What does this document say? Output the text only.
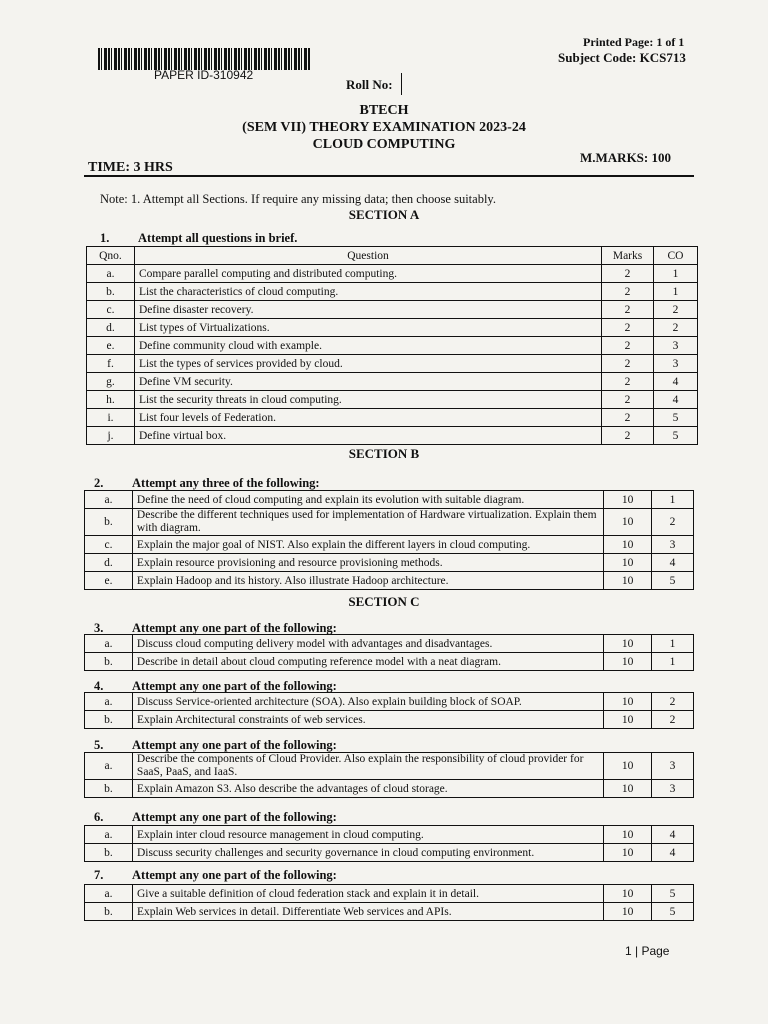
PAPER ID-310942
Printed Page: 1 of 1
Subject Code: KCS713
Roll No:
BTECH
(SEM VII) THEORY EXAMINATION 2023-24
CLOUD COMPUTING
TIME: 3 HRS
M.MARKS: 100
Note: 1. Attempt all Sections. If require any missing data; then choose suitably.
SECTION A
1. Attempt all questions in brief.
Qno.	Question	Marks	CO
a.	Compare parallel computing and distributed computing.	2	1
b.	List the characteristics of cloud computing.	2	1
c.	Define disaster recovery.	2	2
d.	List types of Virtualizations.	2	2
e.	Define community cloud with example.	2	3
f.	List the types of services provided by cloud.	2	3
g.	Define VM security.	2	4
h.	List the security threats in cloud computing.	2	4
i.	List four levels of Federation.	2	5
j.	Define virtual box.	2	5
SECTION B
2. Attempt any three of the following:
a.	Define the need of cloud computing and explain its evolution with suitable diagram.	10	1
b.	Describe the different techniques used for implementation of Hardware virtualization. Explain them with diagram.	10	2
c.	Explain the major goal of NIST. Also explain the different layers in cloud computing.	10	3
d.	Explain resource provisioning and resource provisioning methods.	10	4
e.	Explain Hadoop and its history. Also illustrate Hadoop architecture.	10	5
SECTION C
3. Attempt any one part of the following:
a.	Discuss cloud computing delivery model with advantages and disadvantages.	10	1
b.	Describe in detail about cloud computing reference model with a neat diagram.	10	1
4. Attempt any one part of the following:
a.	Discuss Service-oriented architecture (SOA). Also explain building block of SOAP.	10	2
b.	Explain Architectural constraints of web services.	10	2
5. Attempt any one part of the following:
a.	Describe the components of Cloud Provider. Also explain the responsibility of cloud provider for SaaS, PaaS, and IaaS.	10	3
b.	Explain Amazon S3. Also describe the advantages of cloud storage.	10	3
6. Attempt any one part of the following:
a.	Explain inter cloud resource management in cloud computing.	10	4
b.	Discuss security challenges and security governance in cloud computing environment.	10	4
7. Attempt any one part of the following:
a.	Give a suitable definition of cloud federation stack and explain it in detail.	10	5
b.	Explain Web services in detail. Differentiate Web services and APIs.	10	5
1 | Page
